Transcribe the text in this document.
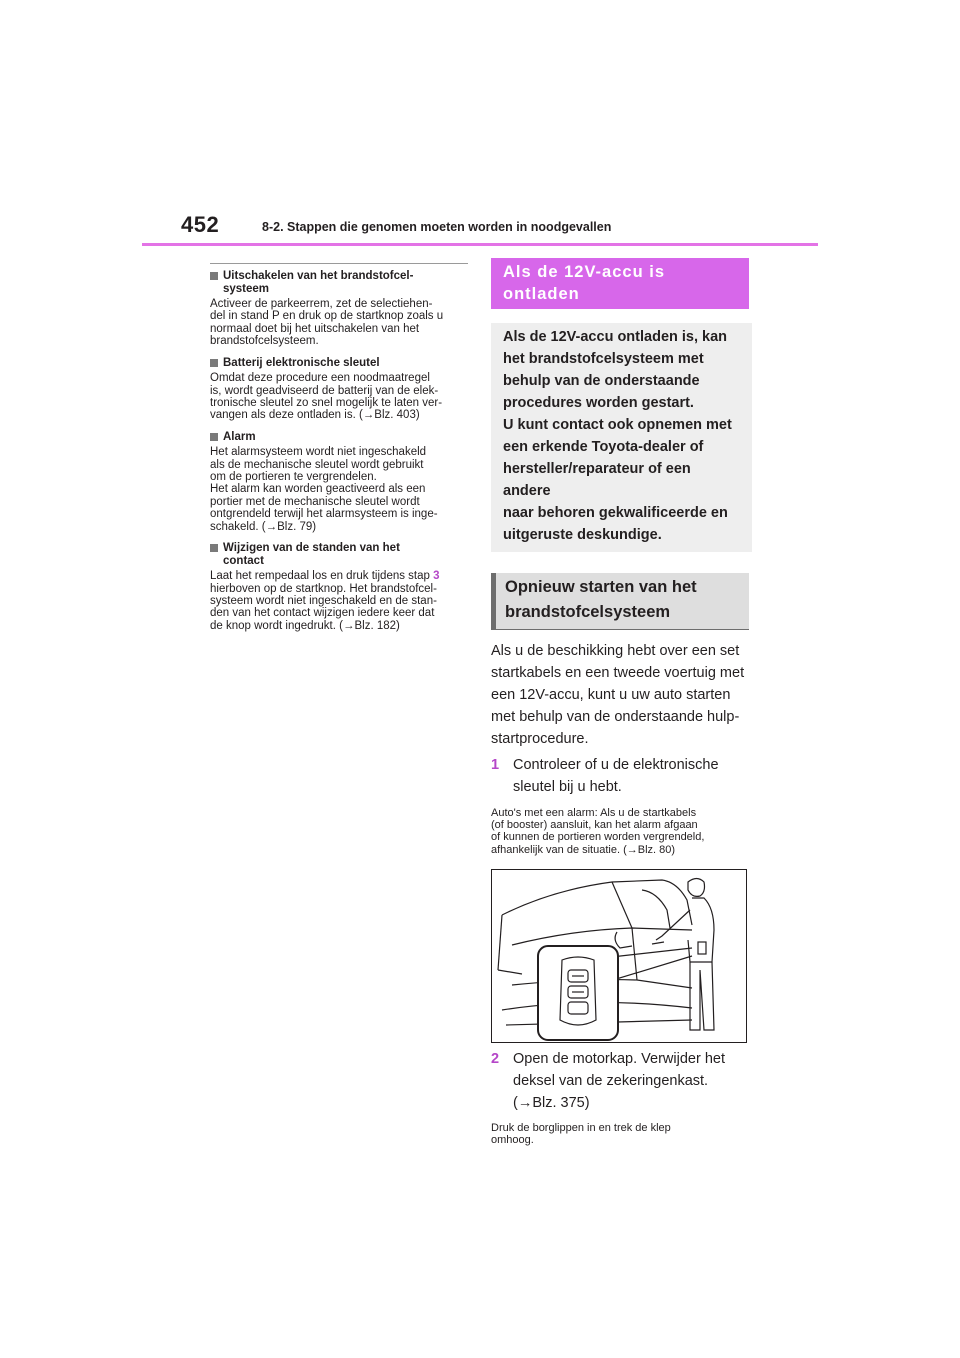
452	8-2. Stappen die genomen moeten worden in noodgevallen
Uitschakelen van het brandstofcel-
systeem
Activeer de parkeerrem, zet de selectiehen-
del in stand P en druk op de startknop zoals u
normaal doet bij het uitschakelen van het
brandstofcelsysteem.
Batterij elektronische sleutel
Omdat deze procedure een noodmaatregel
is, wordt geadviseerd de batterij van de elek-
tronische sleutel zo snel mogelijk te laten ver-
vangen als deze ontladen is. (→Blz. 403)
Alarm
Het alarmsysteem wordt niet ingeschakeld
als de mechanische sleutel wordt gebruikt
om de portieren te vergrendelen.
Het alarm kan worden geactiveerd als een
portier met de mechanische sleutel wordt
ontgrendeld terwijl het alarmsysteem is inge-
schakeld. (→Blz. 79)
Wijzigen van de standen van het
contact
Laat het rempedaal los en druk tijdens stap 3
hierboven op de startknop. Het brandstofcel-
systeem wordt niet ingeschakeld en de stan-
den van het contact wijzigen iedere keer dat
de knop wordt ingedrukt. (→Blz. 182)
Als de 12V-accu is
ontladen
Als de 12V-accu ontladen is, kan
het brandstofcelsysteem met
behulp van de onderstaande
procedures worden gestart.
U kunt contact ook opnemen met
een erkende Toyota-dealer of
hersteller/reparateur of een andere
naar behoren gekwalificeerde en
uitgeruste deskundige.
Opnieuw starten van het
brandstofcelsysteem
Als u de beschikking hebt over een set
startkabels en een tweede voertuig met
een 12V-accu, kunt u uw auto starten
met behulp van de onderstaande hulp-
startprocedure.
1 Controleer of u de elektronische
sleutel bij u hebt.
Auto's met een alarm: Als u de startkabels
(of booster) aansluit, kan het alarm afgaan
of kunnen de portieren worden vergrendeld,
afhankelijk van de situatie. (→Blz. 80)
2 Open de motorkap. Verwijder het
deksel van de zekeringenkast.
(→Blz. 375)
Druk de borglippen in en trek de klep
omhoog.
